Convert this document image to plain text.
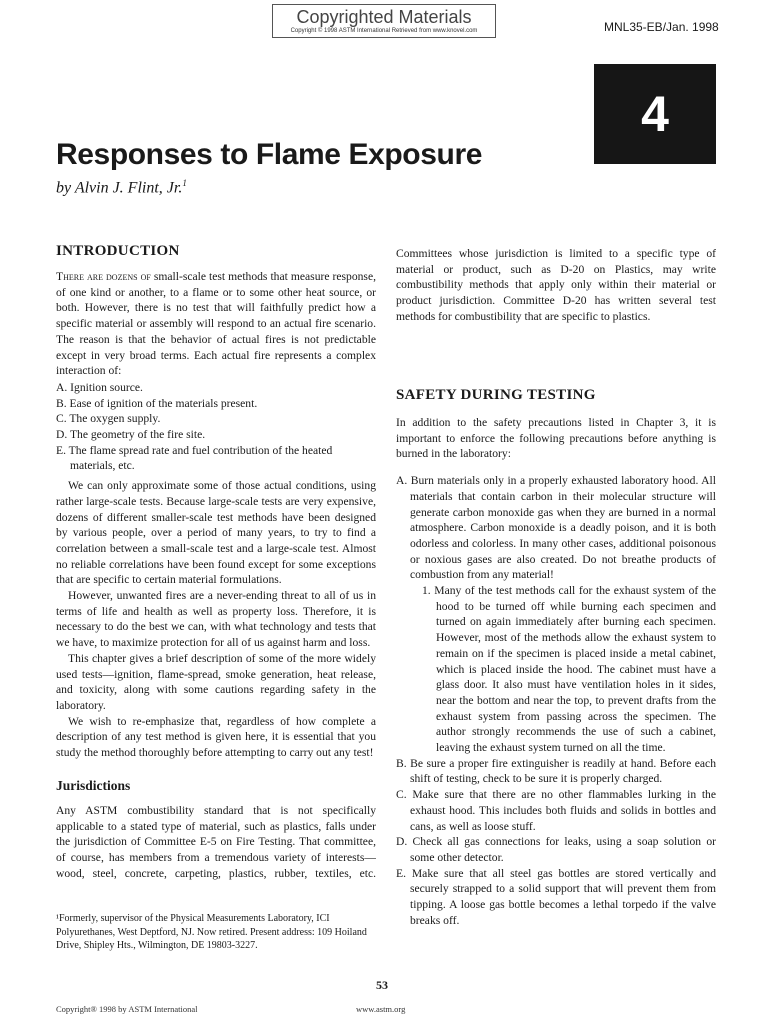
Copyrighted Materials
Copyright © 1998 ASTM International Retrieved from www.knovel.com	MNL35-EB/Jan. 1998
4
Responses to Flame Exposure
by Alvin J. Flint, Jr.$^1$
INTRODUCTION

There are dozens of small-scale test methods that measure response, of one kind or another, to a flame or to some other heat source, or both. However, there is no test that will faithfully predict how a specific material or assembly will respond to an actual fire scenario. The reason is that the behavior of actual fires is not predictable except in very broad terms. Each actual fire represents a complex interaction of:

A. Ignition source.
B. Ease of ignition of the materials present.
C. The oxygen supply.
D. The geometry of the fire site.
E. The flame spread rate and fuel contribution of the heated materials, etc.

We can only approximate some of those actual conditions, using rather large-scale tests. Because large-scale tests are very expensive, dozens of different smaller-scale test methods have been designed by various people, over a period of many years, to try to find a correlation between a small-scale test and a large-scale test. Almost no reliable correlations have been found except for some exceptions that are specific to certain material formulations.

However, unwanted fires are a never-ending threat to all of us in terms of life and health as well as property loss. Therefore, it is necessary to do the best we can, with what technology and tests that we have, to maximize protection for all of us against harm and loss.

This chapter gives a brief description of some of the more widely used tests—ignition, flame-spread, smoke generation, heat release, and toxicity, along with some cautions regarding safety in the laboratory.

We wish to re-emphasize that, regardless of how complete a description of any test method is given here, it is essential that you study the method thoroughly before attempting to carry out any test!

Jurisdictions

Any ASTM combustibility standard that is not specifically applicable to a stated type of material, such as plastics, falls under the jurisdiction of Committee E-5 on Fire Testing. That committee, of course, has members from a tremendous variety of interests—wood, steel, concrete, carpeting, plastics, rubber, textiles, etc.

Committees whose jurisdiction is limited to a specific type of material or product, such as D-20 on Plastics, may write combustibility methods that apply only within their material or product jurisdiction. Committee D-20 has written several test methods for combustibility that are specific to plastics.

SAFETY DURING TESTING

In addition to the safety precautions listed in Chapter 3, it is important to enforce the following precautions before anything is burned in the laboratory:

A. Burn materials only in a properly exhausted laboratory hood. All materials that contain carbon in their molecular structure will generate carbon monoxide gas when they are burned in a normal atmosphere. Carbon monoxide is a deadly poison, and it is both odorless and colorless. In many other cases, additional poisonous or noxious gases are also created. Do not breathe products of combustion from any material!
1. Many of the test methods call for the exhaust system of the hood to be turned off while burning each specimen and turned on again immediately after burning each specimen. However, most of the methods allow the exhaust system to remain on if the specimen is placed inside a metal cabinet, which is placed inside the hood. The cabinet must have a glass door. It also must have ventilation holes in it sides, near the bottom and near the top, to prevent drafts from the exhaust system from passing across the specimen. The author strongly recommends the use of such a cabinet, leaving the exhaust system turned on all the time.
B. Be sure a proper fire extinguisher is readily at hand. Before each shift of testing, check to be sure it is properly charged.
C. Make sure that there are no other flammables lurking in the exhaust hood. This includes both fluids and solids in bottles and cans, as well as loose stuff.
D. Check all gas connections for leaks, using a soap solution or some other detector.
E. Make sure that all steel gas bottles are stored vertically and securely strapped to a solid support that will prevent them from tipping. A loose gas bottle becomes a lethal torpedo if the valve breaks off.
¹Formerly, supervisor of the Physical Measurements Laboratory, ICI Polyurethanes, West Deptford, NJ. Now retired. Present address: 109 Hoiland Drive, Shipley Hts., Wilmington, DE 19803-3227.
53
Copyright® 1998 by ASTM International	www.astm.org
